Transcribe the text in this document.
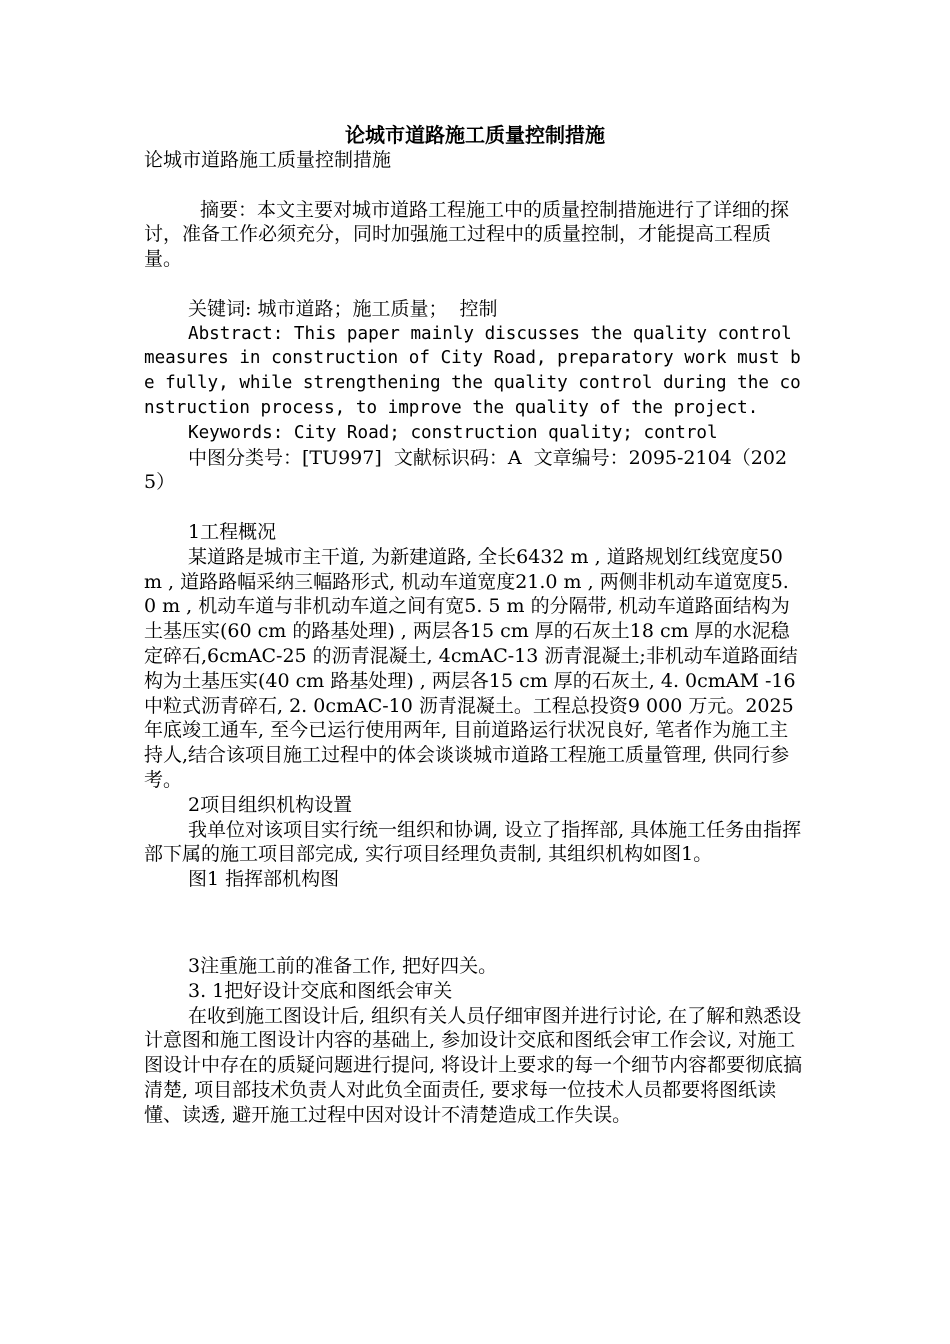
论城市道路施工质量控制措施

论城市道路施工质量控制措施

摘要：本文主要对城市道路工程施工中的质量控制措施进行了详细的探讨，准备工作必须充分，同时加强施工过程中的质量控制，才能提高工程质量。

关键词: 城市道路；施工质量；  控制

Abstract: This paper mainly discusses the quality control measures in construction of City Road, preparatory work must be fully, while strengthening the quality control during the construction process, to improve the quality of the project.

Keywords: City Road; construction quality; control

中图分类号：[TU997]  文献标识码：A  文章编号：2095-2104（2025）

1工程概况

某道路是城市主干道, 为新建道路, 全长6432 m , 道路规划红线宽度50 m , 道路路幅采纳三幅路形式, 机动车道宽度21.0 m , 两侧非机动车道宽度5. 0 m , 机动车道与非机动车道之间有宽5. 5 m 的分隔带, 机动车道路面结构为土基压实(60 cm 的路基处理) , 两层各15 cm 厚的石灰土18 cm 厚的水泥稳定碎石,6cmAC-25 的沥青混凝土, 4cmAC-13 沥青混凝土;非机动车道路面结构为土基压实(40 cm 路基处理) , 两层各15 cm 厚的石灰土, 4. 0cmAM -16 中粒式沥青碎石, 2. 0cmAC-10 沥青混凝土。工程总投资9 000 万元。2025 年底竣工通车, 至今已运行使用两年, 目前道路运行状况良好, 笔者作为施工主持人,结合该项目施工过程中的体会谈谈城市道路工程施工质量管理, 供同行参考。

2项目组织机构设置

我单位对该项目实行统一组织和协调, 设立了指挥部, 具体施工任务由指挥部下属的施工项目部完成, 实行项目经理负责制, 其组织机构如图1。

图1 指挥部机构图

3注重施工前的准备工作, 把好四关。

3. 1把好设计交底和图纸会审关

在收到施工图设计后, 组织有关人员仔细审图并进行讨论, 在了解和熟悉设计意图和施工图设计内容的基础上, 参加设计交底和图纸会审工作会议, 对施工图设计中存在的质疑问题进行提问, 将设计上要求的每一个细节内容都要彻底搞清楚, 项目部技术负责人对此负全面责任, 要求每一位技术人员都要将图纸读懂、读透, 避开施工过程中因对设计不清楚造成工作失误。
